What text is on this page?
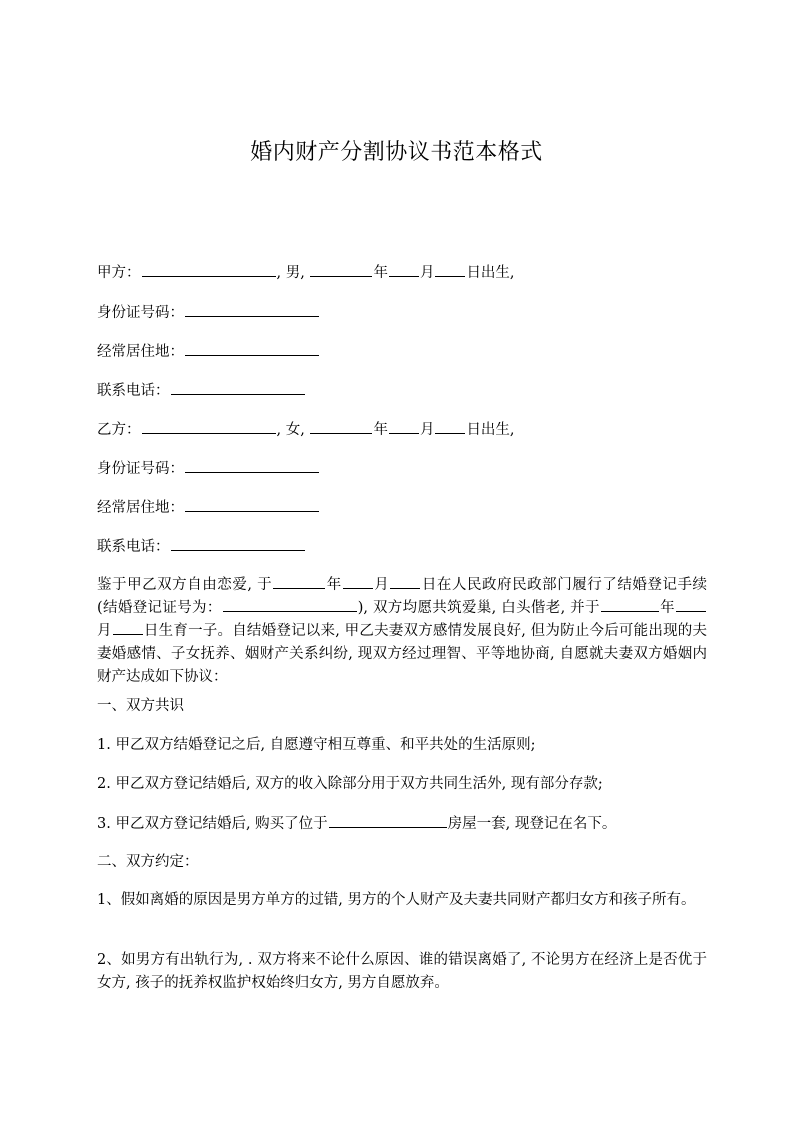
婚内财产分割协议书范本格式
甲方：	, 男,	年 月 日出生,
身份证号码：
经常居住地：
联系电话：
乙方：	, 女,	年 月 日出生,
身份证号码：
经常居住地：
联系电话：
鉴于甲乙双方自由恋爱, 于	年 月 日在人民政府民政部门履行了结婚登记手续(结婚登记证号为：	), 双方均愿共筑爱巢, 白头偕老, 并于	年月 日生育一子。自结婚登记以来, 甲乙夫妻双方感情发展良好, 但为防止今后可能出现的夫妻婚感情、子女抚养、姻财产关系纠纷, 现双方经过理智、平等地协商, 自愿就夫妻双方婚姻内财产达成如下协议：
一、双方共识
1. 甲乙双方结婚登记之后, 自愿遵守相互尊重、和平共处的生活原则;
2. 甲乙双方登记结婚后, 双方的收入除部分用于双方共同生活外, 现有部分存款;
3. 甲乙双方登记结婚后, 购买了位于	房屋一套, 现登记在名下。
二、双方约定：
1、假如离婚的原因是男方单方的过错, 男方的个人财产及夫妻共同财产都归女方和孩子所有。
2、如男方有出轨行为, . 双方将来不论什么原因、谁的错误离婚了, 不论男方在经济上是否优于女方, 孩子的抚养权监护权始终归女方, 男方自愿放弃。
